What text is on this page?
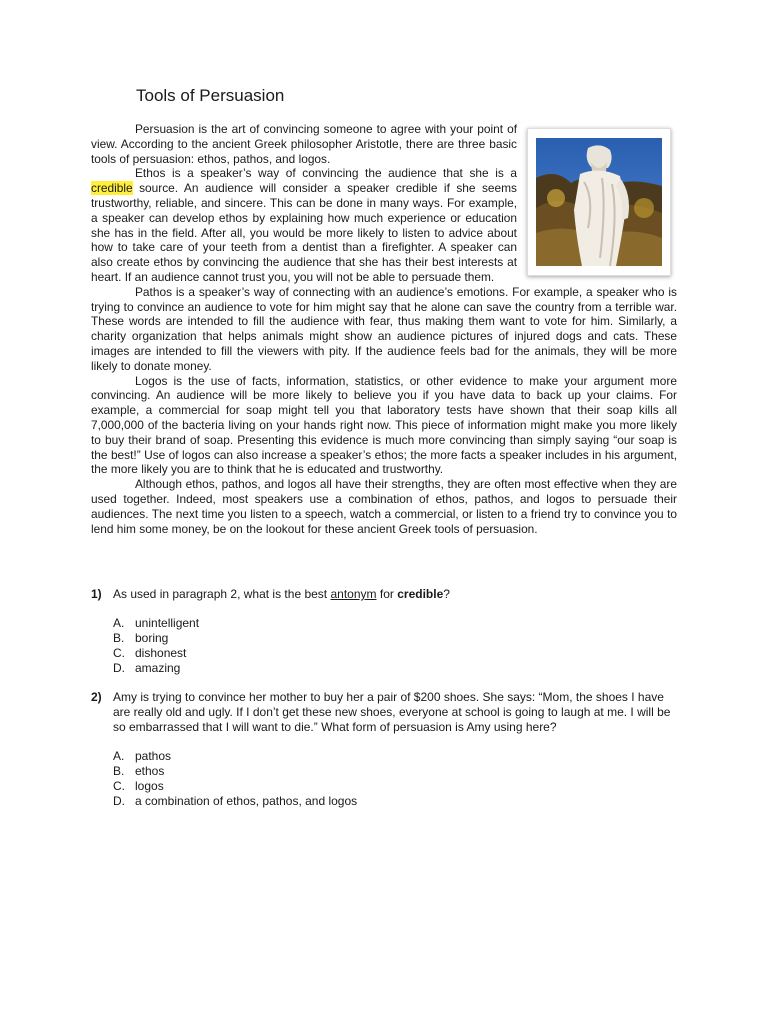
Tools of Persuasion

Persuasion is the art of convincing someone to agree with your point of view. According to the ancient Greek philosopher Aristotle, there are three basic tools of persuasion: ethos, pathos, and logos.

Ethos is a speaker’s way of convincing the audience that she is a credible source. An audience will consider a speaker credible if she seems trustworthy, reliable, and sincere. This can be done in many ways. For example, a speaker can develop ethos by explaining how much experience or education she has in the field. After all, you would be more likely to listen to advice about how to take care of your teeth from a dentist than a firefighter. A speaker can also create ethos by convincing the audience that she has their best interests at heart. If an audience cannot trust you, you will not be able to persuade them.

Pathos is a speaker’s way of connecting with an audience’s emotions. For example, a speaker who is trying to convince an audience to vote for him might say that he alone can save the country from a terrible war. These words are intended to fill the audience with fear, thus making them want to vote for him. Similarly, a charity organization that helps animals might show an audience pictures of injured dogs and cats. These images are intended to fill the viewers with pity. If the audience feels bad for the animals, they will be more likely to donate money.

Logos is the use of facts, information, statistics, or other evidence to make your argument more convincing. An audience will be more likely to believe you if you have data to back up your claims. For example, a commercial for soap might tell you that laboratory tests have shown that their soap kills all 7,000,000 of the bacteria living on your hands right now. This piece of information might make you more likely to buy their brand of soap. Presenting this evidence is much more convincing than simply saying “our soap is the best!” Use of logos can also increase a speaker’s ethos; the more facts a speaker includes in his argument, the more likely you are to think that he is educated and trustworthy.

Although ethos, pathos, and logos all have their strengths, they are often most effective when they are used together. Indeed, most speakers use a combination of ethos, pathos, and logos to persuade their audiences. The next time you listen to a speech, watch a commercial, or listen to a friend try to convince you to lend him some money, be on the lookout for these ancient Greek tools of persuasion.

1) As used in paragraph 2, what is the best antonym for credible?
A. unintelligent
B. boring
C. dishonest
D. amazing
2) Amy is trying to convince her mother to buy her a pair of $200 shoes. She says: “Mom, the shoes I have are really old and ugly. If I don’t get these new shoes, everyone at school is going to laugh at me. I will be so embarrassed that I will want to die.” What form of persuasion is Amy using here?
A. pathos
B. ethos
C. logos
D. a combination of ethos, pathos, and logos
